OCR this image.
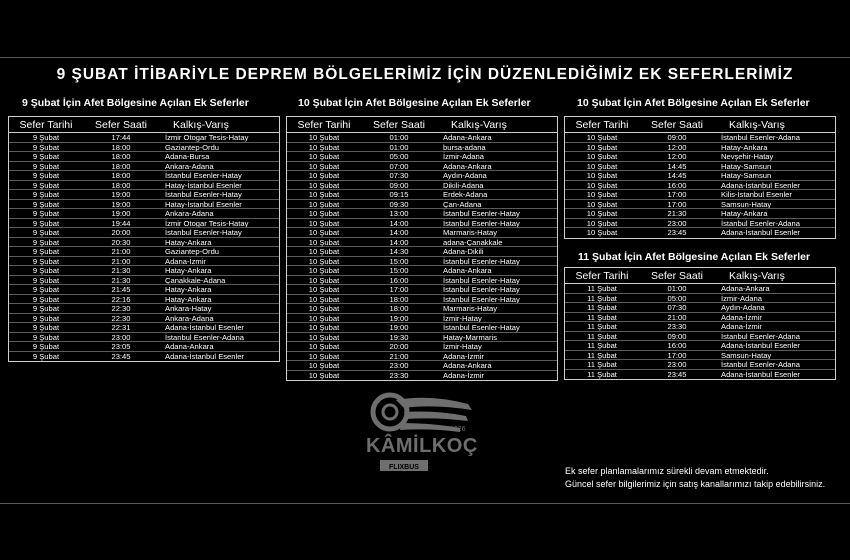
9 ŞUBAT İTİBARİYLE DEPREM BÖLGELERİMİZ İÇİN DÜZENLEDİĞİMİZ EK SEFERLERİMİZ
9 Şubat İçin Afet Bölgesine Açılan Ek Seferler
Sefer Tarihi	Sefer Saati	Kalkış-Varış
9 Şubat	17:44	İzmir Otogar Tesis-Hatay
9 Şubat	18:00	Gaziantep-Ordu
9 Şubat	18:00	Adana-Bursa
9 Şubat	18:00	Ankara-Adana
9 Şubat	18:00	İstanbul Esenler-Hatay
9 Şubat	18:00	Hatay-İstanbul Esenler
9 Şubat	19:00	İstanbul Esenler-Hatay
9 Şubat	19:00	Hatay-İstanbul Esenler
9 Şubat	19:00	Ankara-Adana
9 Şubat	19:44	İzmir Otogar Tesis-Hatay
9 Şubat	20:00	İstanbul Esenler-Hatay
9 Şubat	20:30	Hatay-Ankara
9 Şubat	21:00	Gaziantep-Ordu
9 Şubat	21:00	Adana-İzmir
9 Şubat	21:30	Hatay-Ankara
9 Şubat	21:30	Çanakkale-Adana
9 Şubat	21:45	Hatay-Ankara
9 Şubat	22:16	Hatay-Ankara
9 Şubat	22:30	Ankara-Hatay
9 Şubat	22:30	Ankara-Adana
9 Şubat	22:31	Adana-İstanbul Esenler
9 Şubat	23:00	İstanbul Esenler-Adana
9 Şubat	23:05	Adana-Ankara
9 Şubat	23:45	Adana-İstanbul Esenler
10 Şubat İçin Afet Bölgesine Açılan Ek Seferler
Sefer Tarihi	Sefer Saati	Kalkış-Varış
10 Şubat	01:00	Adana-Ankara
10 Şubat	01:00	bursa-adana
10 Şubat	05:00	İzmir-Adana
10 Şubat	07:00	Adana-Ankara
10 Şubat	07:30	Aydın-Adana
10 Şubat	09:00	Dikili-Adana
10 Şubat	09:15	Erdek-Adana
10 Şubat	09:30	Çan-Adana
10 Şubat	13:00	İstanbul Esenler-Hatay
10 Şubat	14:00	İstanbul Esenler-Hatay
10 Şubat	14:00	Marmaris-Hatay
10 Şubat	14:00	adana-Çanakkale
10 Şubat	14:30	Adana-Dikili
10 Şubat	15:00	İstanbul Esenler-Hatay
10 Şubat	15:00	Adana-Ankara
10 Şubat	16:00	İstanbul Esenler-Hatay
10 Şubat	17:00	İstanbul Esenler-Hatay
10 Şubat	18:00	İstanbul Esenler-Hatay
10 Şubat	18:00	Marmaris-Hatay
10 Şubat	19:00	İzmir-Hatay
10 Şubat	19:00	İstanbul Esenler-Hatay
10 Şubat	19:30	Hatay-Marmaris
10 Şubat	20:00	İzmir-Hatay
10 Şubat	21:00	Adana-İzmir
10 Şubat	23:00	Adana-Ankara
10 Şubat	23:30	Adana-İzmir
10 Şubat İçin Afet Bölgesine Açılan Ek Seferler
Sefer Tarihi	Sefer Saati	Kalkış-Varış
10 Şubat	09:00	İstanbul Esenler-Adana
10 Şubat	12:00	Hatay-Ankara
10 Şubat	12:00	Nevşehir-Hatay
10 Şubat	14:45	Hatay-Samsun
10 Şubat	14:45	Hatay-Samsun
10 Şubat	16:00	Adana-İstanbul Esenler
10 Şubat	17:00	Kilis-İstanbul Esenler
10 Şubat	17:00	Samsun-Hatay
10 Şubat	21:30	Hatay-Ankara
10 Şubat	23:00	İstanbul Esenler-Adana
10 Şubat	23:45	Adana-İstanbul Esenler
11 Şubat İçin Afet Bölgesine Açılan Ek Seferler
Sefer Tarihi	Sefer Saati	Kalkış-Varış
11 Şubat	01:00	Adana-Ankara
11 Şubat	05:00	İzmir-Adana
11 Şubat	07:30	Aydın-Adana
11 Şubat	21:00	Adana-İzmir
11 Şubat	23:30	Adana-İzmir
11 Şubat	09:00	İstanbul Esenler-Adana
11 Şubat	16:00	Adana-İstanbul Esenler
11 Şubat	17:00	Samsun-Hatay
11 Şubat	23:00	İstanbul Esenler-Adana
11 Şubat	23:45	Adana-İstanbul Esenler
1926
KÂMİLKOÇ
FLIXBUS	Ek sefer planlamalarımız sürekli devam etmektedir.
Güncel sefer bilgilerimiz için satış kanallarımızı takip edebilirsiniz.
